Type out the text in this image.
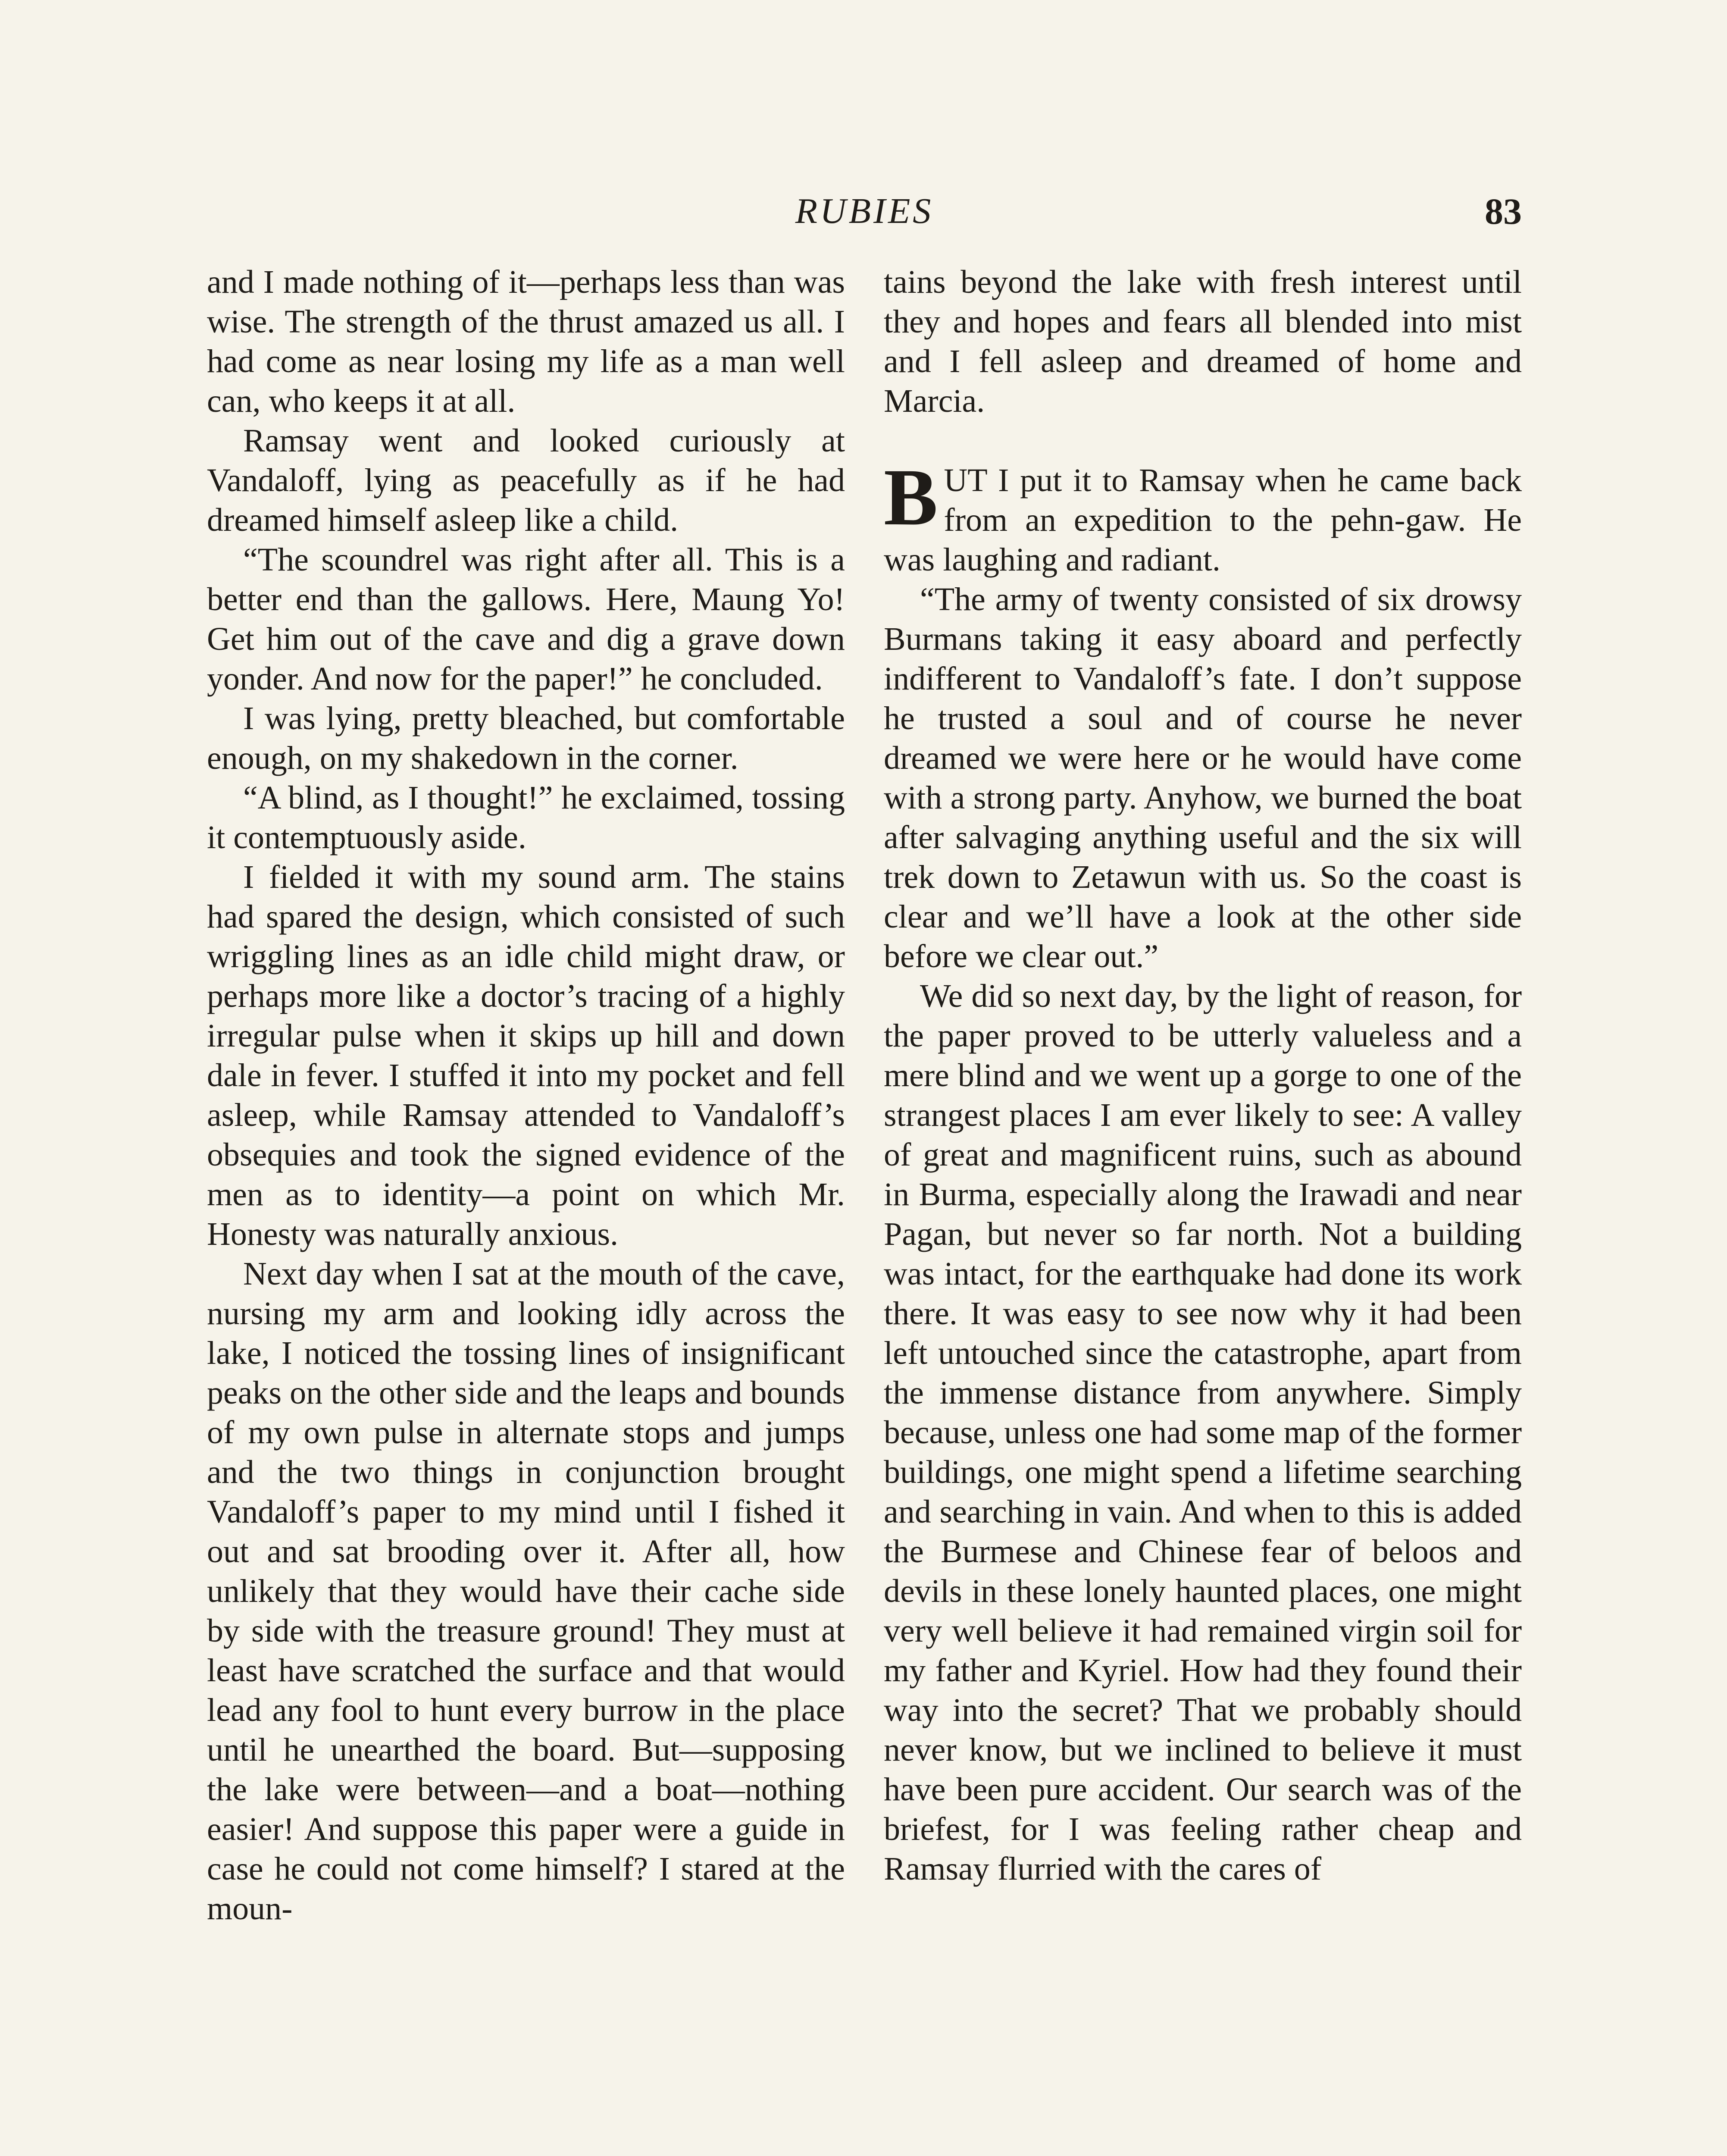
RUBIES	83

and I made nothing of it—perhaps less than was wise. The strength of the thrust amazed us all. I had come as near losing my life as a man well can, who keeps it at all.

Ramsay went and looked curiously at Vandaloff, lying as peacefully as if he had dreamed himself asleep like a child.

“The scoundrel was right after all. This is a better end than the gallows. Here, Maung Yo! Get him out of the cave and dig a grave down yonder. And now for the paper!” he concluded.

I was lying, pretty bleached, but comfortable enough, on my shakedown in the corner.

“A blind, as I thought!” he exclaimed, tossing it contemptuously aside.

I fielded it with my sound arm. The stains had spared the design, which consisted of such wriggling lines as an idle child might draw, or perhaps more like a doctor’s tracing of a highly irregular pulse when it skips up hill and down dale in fever. I stuffed it into my pocket and fell asleep, while Ramsay attended to Vandaloff’s obsequies and took the signed evidence of the men as to identity—a point on which Mr. Honesty was naturally anxious.

Next day when I sat at the mouth of the cave, nursing my arm and looking idly across the lake, I noticed the tossing lines of insignificant peaks on the other side and the leaps and bounds of my own pulse in alternate stops and jumps and the two things in conjunction brought Vandaloff’s paper to my mind until I fished it out and sat brooding over it. After all, how unlikely that they would have their cache side by side with the treasure ground! They must at least have scratched the surface and that would lead any fool to hunt every burrow in the place until he unearthed the board. But—supposing the lake were between—and a boat—nothing easier! And suppose this paper were a guide in case he could not come himself? I stared at the moun-

tains beyond the lake with fresh interest until they and hopes and fears all blended into mist and I fell asleep and dreamed of home and Marcia.

BUT I put it to Ramsay when he came back from an expedition to the pehn-gaw. He was laughing and radiant.

“The army of twenty consisted of six drowsy Burmans taking it easy aboard and perfectly indifferent to Vandaloff’s fate. I don’t suppose he trusted a soul and of course he never dreamed we were here or he would have come with a strong party. Anyhow, we burned the boat after salvaging anything useful and the six will trek down to Zetawun with us. So the coast is clear and we’ll have a look at the other side before we clear out.”

We did so next day, by the light of reason, for the paper proved to be utterly valueless and a mere blind and we went up a gorge to one of the strangest places I am ever likely to see: A valley of great and magnificent ruins, such as abound in Burma, especially along the Irawadi and near Pagan, but never so far north. Not a building was intact, for the earthquake had done its work there. It was easy to see now why it had been left untouched since the catastrophe, apart from the immense distance from anywhere. Simply because, unless one had some map of the former buildings, one might spend a lifetime searching and searching in vain. And when to this is added the Burmese and Chinese fear of beloos and devils in these lonely haunted places, one might very well believe it had remained virgin soil for my father and Kyriel. How had they found their way into the secret? That we probably should never know, but we inclined to believe it must have been pure accident. Our search was of the briefest, for I was feeling rather cheap and Ramsay flurried with the cares of
